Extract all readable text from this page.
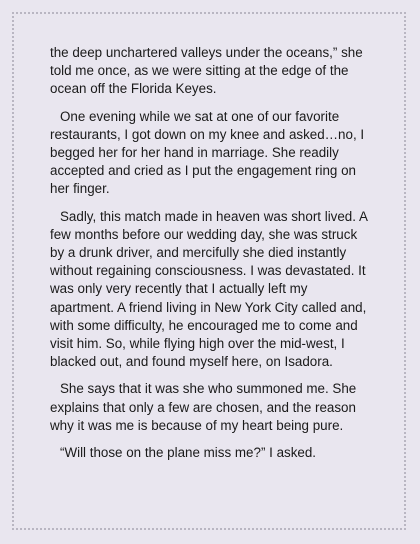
the deep unchartered valleys under the oceans,” she told me once, as we were sitting at the edge of the ocean off the Florida Keyes.

One evening while we sat at one of our favorite restaurants, I got down on my knee and asked…no, I begged her for her hand in marriage. She readily accepted and cried as I put the engagement ring on her finger.

Sadly, this match made in heaven was short lived. A few months before our wedding day, she was struck by a drunk driver, and mercifully she died instantly without regaining consciousness. I was devastated. It was only very recently that I actually left my apartment. A friend living in New York City called and, with some difficulty, he encouraged me to come and visit him. So, while flying high over the mid-west, I blacked out, and found myself here, on Isadora.

She says that it was she who summoned me. She explains that only a few are chosen, and the reason why it was me is because of my heart being pure.

“Will those on the plane miss me?” I asked.
